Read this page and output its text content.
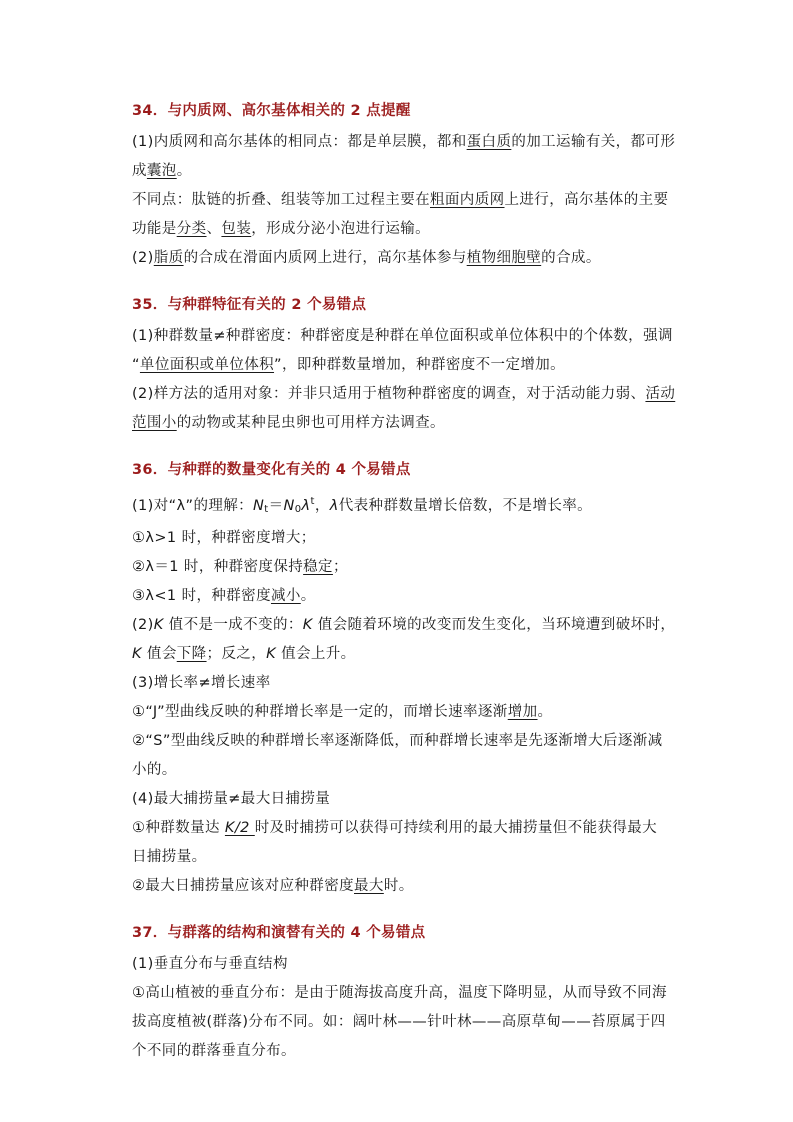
34．与内质网、高尔基体相关的 2 点提醒

(1)内质网和高尔基体的相同点：都是单层膜，都和蛋白质的加工运输有关，都可形

成囊泡。

不同点：肽链的折叠、组装等加工过程主要在粗面内质网上进行，高尔基体的主要

功能是分类、包装，形成分泌小泡进行运输。

(2)脂质的合成在滑面内质网上进行，高尔基体参与植物细胞壁的合成。

35．与种群特征有关的 2 个易错点

(1)种群数量≠种群密度：种群密度是种群在单位面积或单位体积中的个体数，强调

“单位面积或单位体积”，即种群数量增加，种群密度不一定增加。

(2)样方法的适用对象：并非只适用于植物种群密度的调查，对于活动能力弱、活动

范围小的动物或某种昆虫卵也可用样方法调查。

36．与种群的数量变化有关的 4 个易错点

(1)对“λ”的理解：$N_t=N_0\lambda^t$，λ代表种群数量增长倍数，不是增长率。

①λ>1 时，种群密度增大；

②λ＝1 时，种群密度保持稳定；

③λ<1 时，种群密度减小。

(2)K 值不是一成不变的：K 值会随着环境的改变而发生变化，当环境遭到破坏时，

K 值会下降；反之，K 值会上升。

(3)增长率≠增长速率

①“J”型曲线反映的种群增长率是一定的，而增长速率逐渐增加。

②“S”型曲线反映的种群增长率逐渐降低，而种群增长速率是先逐渐增大后逐渐减

小的。

(4)最大捕捞量≠最大日捕捞量

①种群数量达 K/2 时及时捕捞可以获得可持续利用的最大捕捞量但不能获得最大

日捕捞量。

②最大日捕捞量应该对应种群密度最大时。

37．与群落的结构和演替有关的 4 个易错点

(1)垂直分布与垂直结构

①高山植被的垂直分布：是由于随海拔高度升高，温度下降明显，从而导致不同海

拔高度植被(群落)分布不同。如：阔叶林——针叶林——高原草甸——苔原属于四

个不同的群落垂直分布。
